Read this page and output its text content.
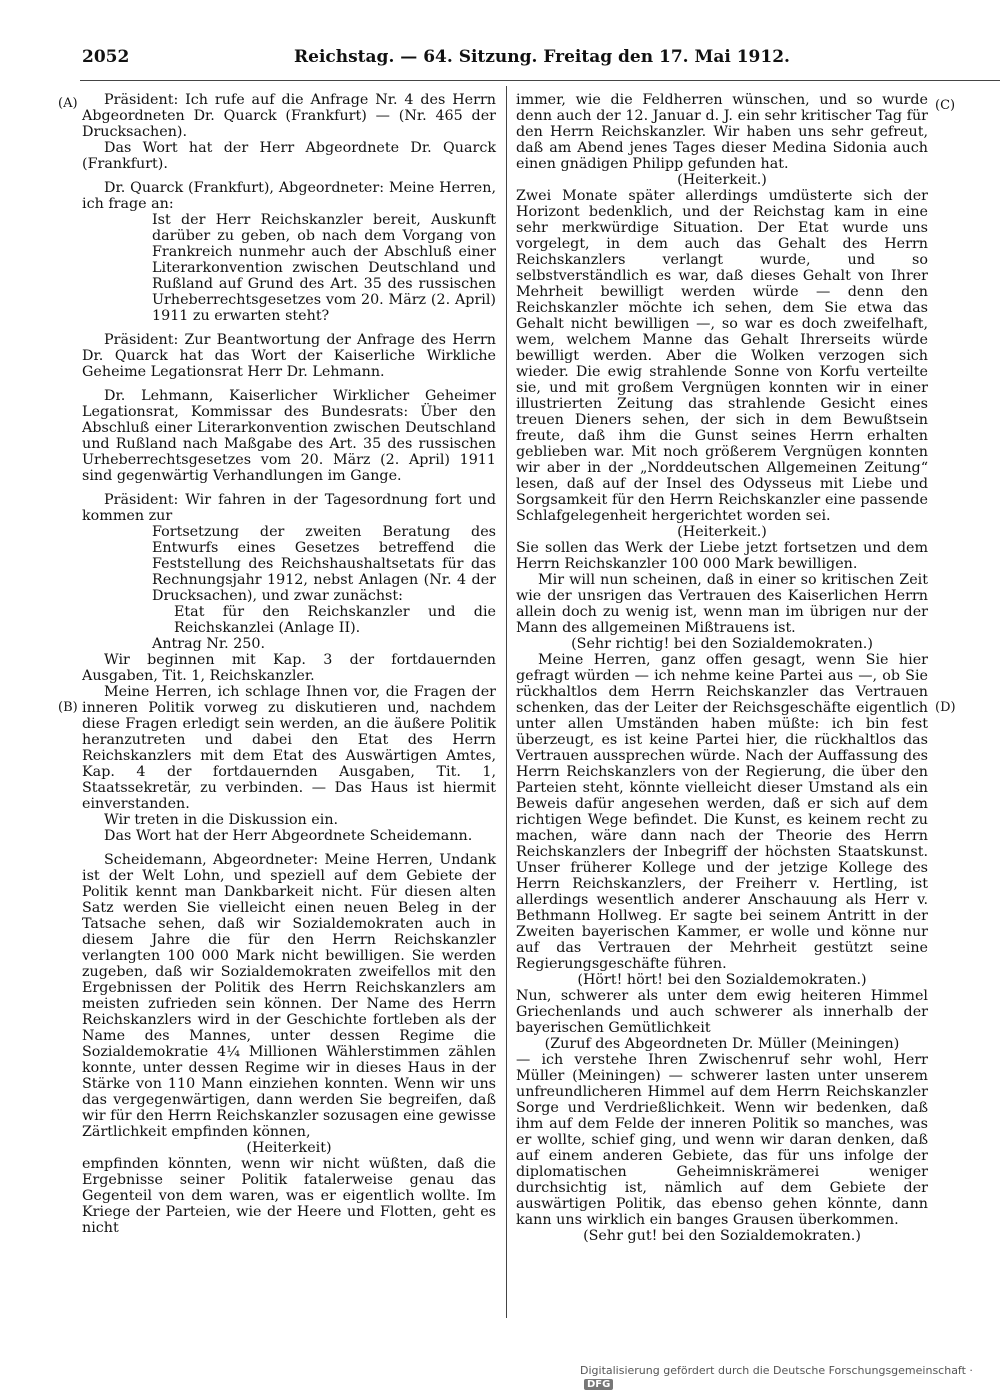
2052	Reichstag. — 64. Sitzung. Freitag den 17. Mai 1912.
(A)
(B)
(C)
(D)

Präsident: Ich rufe auf die Anfrage Nr. 4 des Herrn Abgeordneten Dr. Quarck (Frankfurt) — (Nr. 465 der Drucksachen).

Das Wort hat der Herr Abgeordnete Dr. Quarck (Frankfurt).

Dr. Quarck (Frankfurt), Abgeordneter: Meine Herren, ich frage an:

Ist der Herr Reichskanzler bereit, Auskunft darüber zu geben, ob nach dem Vorgang von Frankreich nunmehr auch der Abschluß einer Literarkonvention zwischen Deutschland und Rußland auf Grund des Art. 35 des russischen Urheberrechtsgesetzes vom 20. März (2. April) 1911 zu erwarten steht?

Präsident: Zur Beantwortung der Anfrage des Herrn Dr. Quarck hat das Wort der Kaiserliche Wirkliche Geheime Legationsrat Herr Dr. Lehmann.

Dr. Lehmann, Kaiserlicher Wirklicher Geheimer Legationsrat, Kommissar des Bundesrats: Über den Abschluß einer Literarkonvention zwischen Deutschland und Rußland nach Maßgabe des Art. 35 des russischen Urheberrechtsgesetzes vom 20. März (2. April) 1911 sind gegenwärtig Verhandlungen im Gange.

Präsident: Wir fahren in der Tagesordnung fort und kommen zur

Fortsetzung der zweiten Beratung des Entwurfs eines Gesetzes betreffend die Feststellung des Reichshaushaltsetats für das Rechnungsjahr 1912, nebst Anlagen (Nr. 4 der Drucksachen), und zwar zunächst:

Etat für den Reichskanzler und die Reichskanzlei (Anlage II).

Antrag Nr. 250.

Wir beginnen mit Kap. 3 der fortdauernden Ausgaben, Tit. 1, Reichskanzler.

Meine Herren, ich schlage Ihnen vor, die Fragen der inneren Politik vorweg zu diskutieren und, nachdem diese Fragen erledigt sein werden, an die äußere Politik heranzutreten und dabei den Etat des Herrn Reichskanzlers mit dem Etat des Auswärtigen Amtes, Kap. 4 der fortdauernden Ausgaben, Tit. 1, Staatssekretär, zu verbinden. — Das Haus ist hiermit einverstanden.

Wir treten in die Diskussion ein.

Das Wort hat der Herr Abgeordnete Scheidemann.

Scheidemann, Abgeordneter: Meine Herren, Undank ist der Welt Lohn, und speziell auf dem Gebiete der Politik kennt man Dankbarkeit nicht. Für diesen alten Satz werden Sie vielleicht einen neuen Beleg in der Tatsache sehen, daß wir Sozialdemokraten auch in diesem Jahre die für den Herrn Reichskanzler verlangten 100 000 Mark nicht bewilligen. Sie werden zugeben, daß wir Sozialdemokraten zweifellos mit den Ergebnissen der Politik des Herrn Reichskanzlers am meisten zufrieden sein können. Der Name des Herrn Reichskanzlers wird in der Geschichte fortleben als der Name des Mannes, unter dessen Regime die Sozialdemokratie 4¼ Millionen Wählerstimmen zählen konnte, unter dessen Regime wir in dieses Haus in der Stärke von 110 Mann einziehen konnten. Wenn wir uns das vergegenwärtigen, dann werden Sie begreifen, daß wir für den Herrn Reichskanzler sozusagen eine gewisse Zärtlichkeit empfinden können,

(Heiterkeit)

empfinden könnten, wenn wir nicht wüßten, daß die Ergebnisse seiner Politik fatalerweise genau das Gegenteil von dem waren, was er eigentlich wollte. Im Kriege der Parteien, wie der Heere und Flotten, geht es nicht

immer, wie die Feldherren wünschen, und so wurde denn auch der 12. Januar d. J. ein sehr kritischer Tag für den Herrn Reichskanzler. Wir haben uns sehr gefreut, daß am Abend jenes Tages dieser Medina Sidonia auch einen gnädigen Philipp gefunden hat.

(Heiterkeit.)

Zwei Monate später allerdings umdüsterte sich der Horizont bedenklich, und der Reichstag kam in eine sehr merkwürdige Situation. Der Etat wurde uns vorgelegt, in dem auch das Gehalt des Herrn Reichskanzlers verlangt wurde, und so selbstverständlich es war, daß dieses Gehalt von Ihrer Mehrheit bewilligt werden würde — denn den Reichskanzler möchte ich sehen, dem Sie etwa das Gehalt nicht bewilligen —, so war es doch zweifelhaft, wem, welchem Manne das Gehalt Ihrerseits würde bewilligt werden. Aber die Wolken verzogen sich wieder. Die ewig strahlende Sonne von Korfu verteilte sie, und mit großem Vergnügen konnten wir in einer illustrierten Zeitung das strahlende Gesicht eines treuen Dieners sehen, der sich in dem Bewußtsein freute, daß ihm die Gunst seines Herrn erhalten geblieben war. Mit noch größerem Vergnügen konnten wir aber in der „Norddeutschen Allgemeinen Zeitung“ lesen, daß auf der Insel des Odysseus mit Liebe und Sorgsamkeit für den Herrn Reichskanzler eine passende Schlafgelegenheit hergerichtet worden sei.

(Heiterkeit.)

Sie sollen das Werk der Liebe jetzt fortsetzen und dem Herrn Reichskanzler 100 000 Mark bewilligen.

Mir will nun scheinen, daß in einer so kritischen Zeit wie der unsrigen das Vertrauen des Kaiserlichen Herrn allein doch zu wenig ist, wenn man im übrigen nur der Mann des allgemeinen Mißtrauens ist.

(Sehr richtig! bei den Sozialdemokraten.)

Meine Herren, ganz offen gesagt, wenn Sie hier gefragt würden — ich nehme keine Partei aus —, ob Sie rückhaltlos dem Herrn Reichskanzler das Vertrauen schenken, das der Leiter der Reichsgeschäfte eigentlich unter allen Umständen haben müßte: ich bin fest überzeugt, es ist keine Partei hier, die rückhaltlos das Vertrauen aussprechen würde. Nach der Auffassung des Herrn Reichskanzlers von der Regierung, die über den Parteien steht, könnte vielleicht dieser Umstand als ein Beweis dafür angesehen werden, daß er sich auf dem richtigen Wege befindet. Die Kunst, es keinem recht zu machen, wäre dann nach der Theorie des Herrn Reichskanzlers der Inbegriff der höchsten Staatskunst. Unser früherer Kollege und der jetzige Kollege des Herrn Reichskanzlers, der Freiherr v. Hertling, ist allerdings wesentlich anderer Anschauung als Herr v. Bethmann Hollweg. Er sagte bei seinem Antritt in der Zweiten bayerischen Kammer, er wolle und könne nur auf das Vertrauen der Mehrheit gestützt seine Regierungsgeschäfte führen.

(Hört! hört! bei den Sozialdemokraten.)

Nun, schwerer als unter dem ewig heiteren Himmel Griechenlands und auch schwerer als innerhalb der bayerischen Gemütlichkeit

(Zuruf des Abgeordneten Dr. Müller (Meiningen)

— ich verstehe Ihren Zwischenruf sehr wohl, Herr Müller (Meiningen) — schwerer lasten unter unserem unfreundlicheren Himmel auf dem Herrn Reichskanzler Sorge und Verdrießlichkeit. Wenn wir bedenken, daß ihm auf dem Felde der inneren Politik so manches, was er wollte, schief ging, und wenn wir daran denken, daß auf einem anderen Gebiete, das für uns infolge der diplomatischen Geheimniskrämerei weniger durchsichtig ist, nämlich auf dem Gebiete der auswärtigen Politik, das ebenso gehen könnte, dann kann uns wirklich ein banges Grausen überkommen.

(Sehr gut! bei den Sozialdemokraten.)

Digitalisierung gefördert durch die Deutsche Forschungsgemeinschaft ·DFG
